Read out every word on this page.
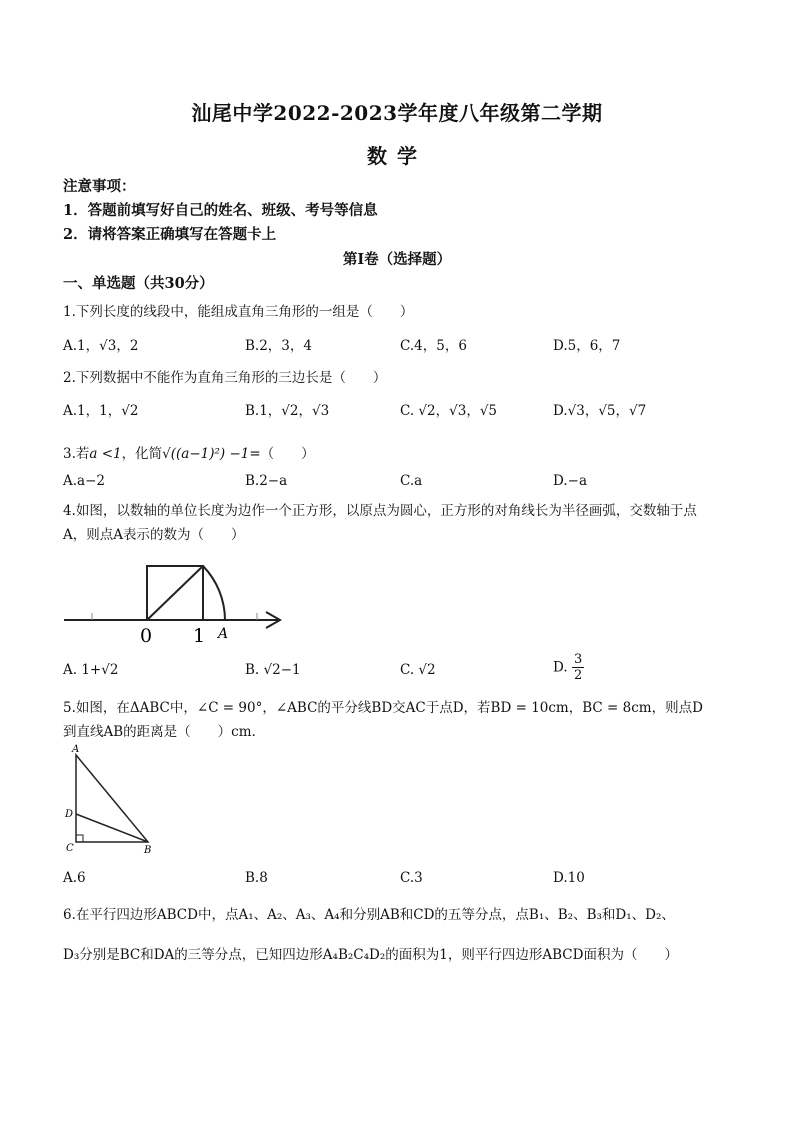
汕尾中学2022-2023学年度八年级第二学期
数学
注意事项：
1．答题前填写好自己的姓名、班级、考号等信息
2．请将答案正确填写在答题卡上
第I卷（选择题）
一、单选题（共30分）
1.下列长度的线段中，能组成直角三角形的一组是（　　）
A.1，√3，2	B.2，3，4	C.4，5，6	D.5，6，7
2.下列数据中不能作为直角三角形的三边长是（　　）
A.1，1，√2	B.1，√2，√3	C. √2，√3，√5	D.√3，√5，√7
3.若a <1，化简√((a−1)²) −1=（　　）
A.a−2	B.2−a	C.a	D.−a
4.如图，以数轴的单位长度为边作一个正方形，以原点为圆心，正方形的对角线长为半径画弧，交数轴于点
A，则点A表示的数为（　　）
0 1 A
A. 1+√2	B. √2−1	C. √2	D. $\frac{3}{2}$
5.如图，在ΔABC中，∠C = 90°，∠ABC的平分线BD交AC于点D，若BD = 10cm，BC = 8cm，则点D
到直线AB的距离是（　　）cm.
A
D
C	B
A.6	B.8	C.3	D.10
6.在平行四边形ABCD中，点A₁、A₂、A₃、A₄和分别AB和CD的五等分点，点B₁、B₂、B₃和D₁、D₂、
D₃分别是BC和DA的三等分点，已知四边形A₄B₂C₄D₂的面积为1，则平行四边形ABCD面积为（　　）
